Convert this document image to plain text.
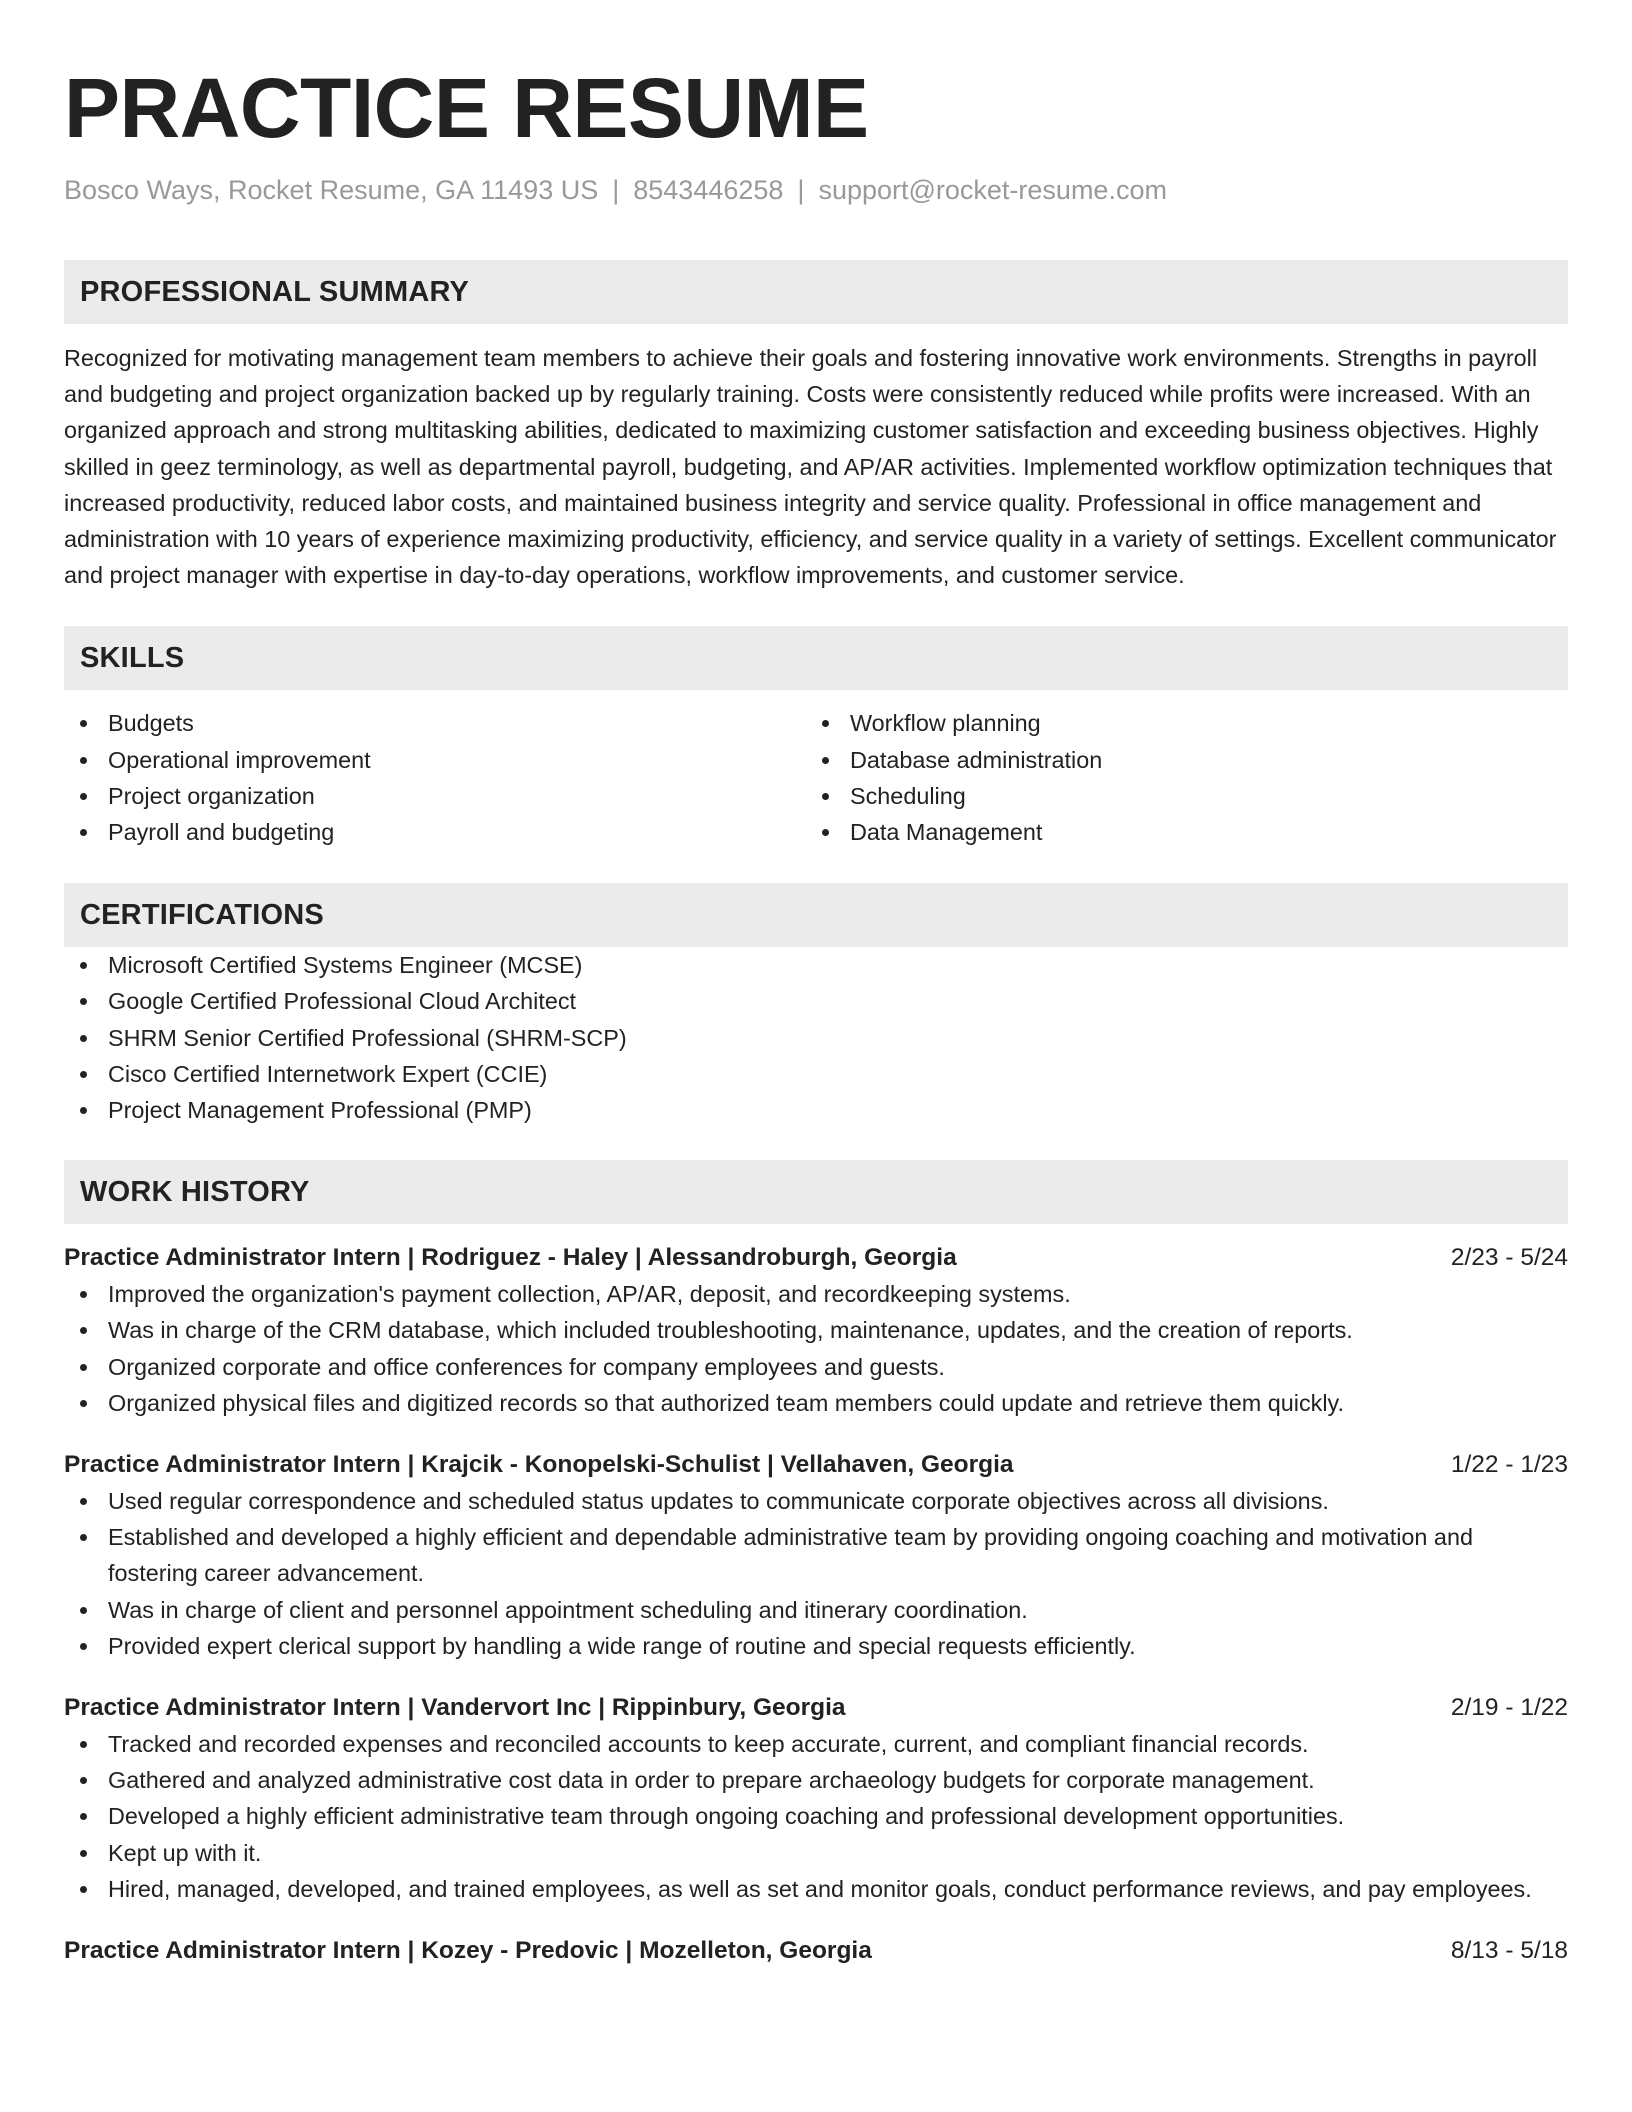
PRACTICE RESUME
Bosco Ways, Rocket Resume, GA 11493 US | 8543446258 | support@rocket-resume.com
PROFESSIONAL SUMMARY

Recognized for motivating management team members to achieve their goals and fostering innovative work environments. Strengths in payroll and budgeting and project organization backed up by regularly training. Costs were consistently reduced while profits were increased. With an organized approach and strong multitasking abilities, dedicated to maximizing customer satisfaction and exceeding business objectives. Highly skilled in geez terminology, as well as departmental payroll, budgeting, and AP/AR activities. Implemented workflow optimization techniques that increased productivity, reduced labor costs, and maintained business integrity and service quality. Professional in office management and administration with 10 years of experience maximizing productivity, efficiency, and service quality in a variety of settings. Excellent communicator and project manager with expertise in day-to-day operations, workflow improvements, and customer service.

SKILLS
Budgets
Operational improvement
Project organization
Payroll and budgeting
Workflow planning
Database administration
Scheduling
Data Management
CERTIFICATIONS
Microsoft Certified Systems Engineer (MCSE)
Google Certified Professional Cloud Architect
SHRM Senior Certified Professional (SHRM-SCP)
Cisco Certified Internetwork Expert (CCIE)
Project Management Professional (PMP)
WORK HISTORY
Practice Administrator Intern | Rodriguez - Haley | Alessandroburgh, Georgia	2/23 - 5/24
Improved the organization's payment collection, AP/AR, deposit, and recordkeeping systems.
Was in charge of the CRM database, which included troubleshooting, maintenance, updates, and the creation of reports.
Organized corporate and office conferences for company employees and guests.
Organized physical files and digitized records so that authorized team members could update and retrieve them quickly.
Practice Administrator Intern | Krajcik - Konopelski-Schulist | Vellahaven, Georgia	1/22 - 1/23
Used regular correspondence and scheduled status updates to communicate corporate objectives across all divisions.
Established and developed a highly efficient and dependable administrative team by providing ongoing coaching and motivation and fostering career advancement.
Was in charge of client and personnel appointment scheduling and itinerary coordination.
Provided expert clerical support by handling a wide range of routine and special requests efficiently.
Practice Administrator Intern | Vandervort Inc | Rippinbury, Georgia	2/19 - 1/22
Tracked and recorded expenses and reconciled accounts to keep accurate, current, and compliant financial records.
Gathered and analyzed administrative cost data in order to prepare archaeology budgets for corporate management.
Developed a highly efficient administrative team through ongoing coaching and professional development opportunities.
Kept up with it.
Hired, managed, developed, and trained employees, as well as set and monitor goals, conduct performance reviews, and pay employees.
Practice Administrator Intern | Kozey - Predovic | Mozelleton, Georgia	8/13 - 5/18
